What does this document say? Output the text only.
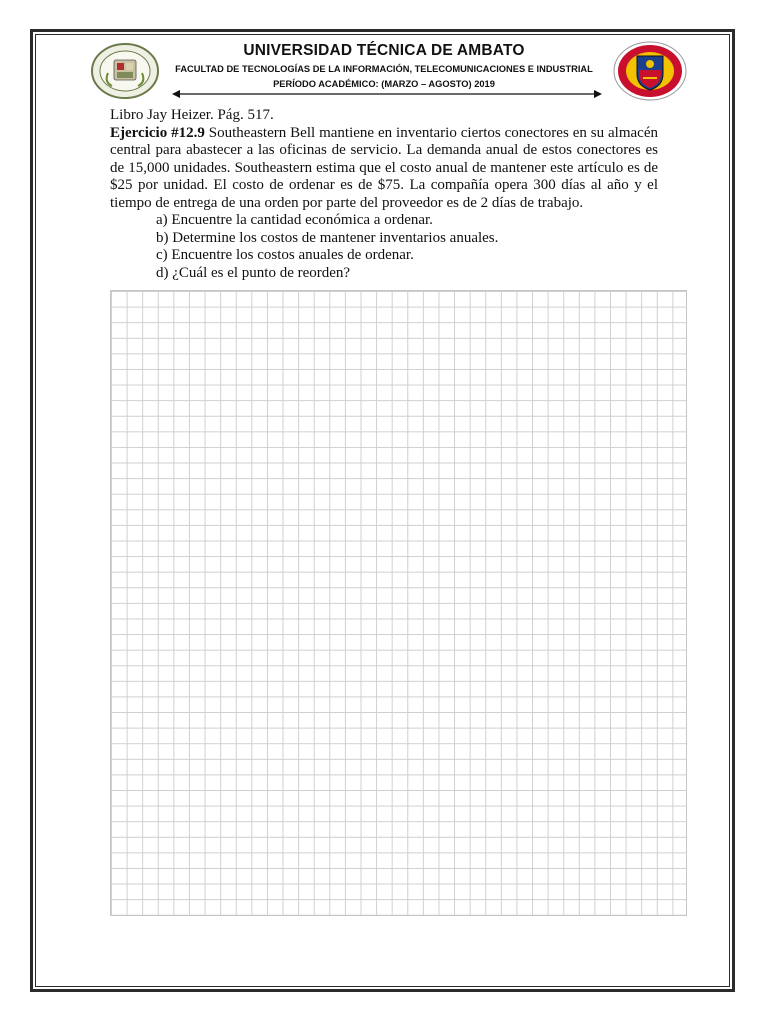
UNIVERSIDAD TÉCNICA DE AMBATO
FACULTAD DE TECNOLOGÍAS DE LA INFORMACIÓN, TELECOMUNICACIONES E INDUSTRIAL
PERÍODO ACADÉMICO: (MARZO – AGOSTO) 2019

Libro Jay Heizer. Pág. 517.

Ejercicio #12.9 Southeastern Bell mantiene en inventario ciertos conectores en su almacén central para abastecer a las oficinas de servicio. La demanda anual de estos conectores es de 15,000 unidades. Southeastern estima que el costo anual de mantener este artículo es de $25 por unidad. El costo de ordenar es de $75. La compañía opera 300 días al año y el tiempo de entrega de una orden por parte del proveedor es de 2 días de trabajo.

a) Encuentre la cantidad económica a ordenar.

b) Determine los costos de mantener inventarios anuales.

c) Encuentre los costos anuales de ordenar.

d) ¿Cuál es el punto de reorden?
